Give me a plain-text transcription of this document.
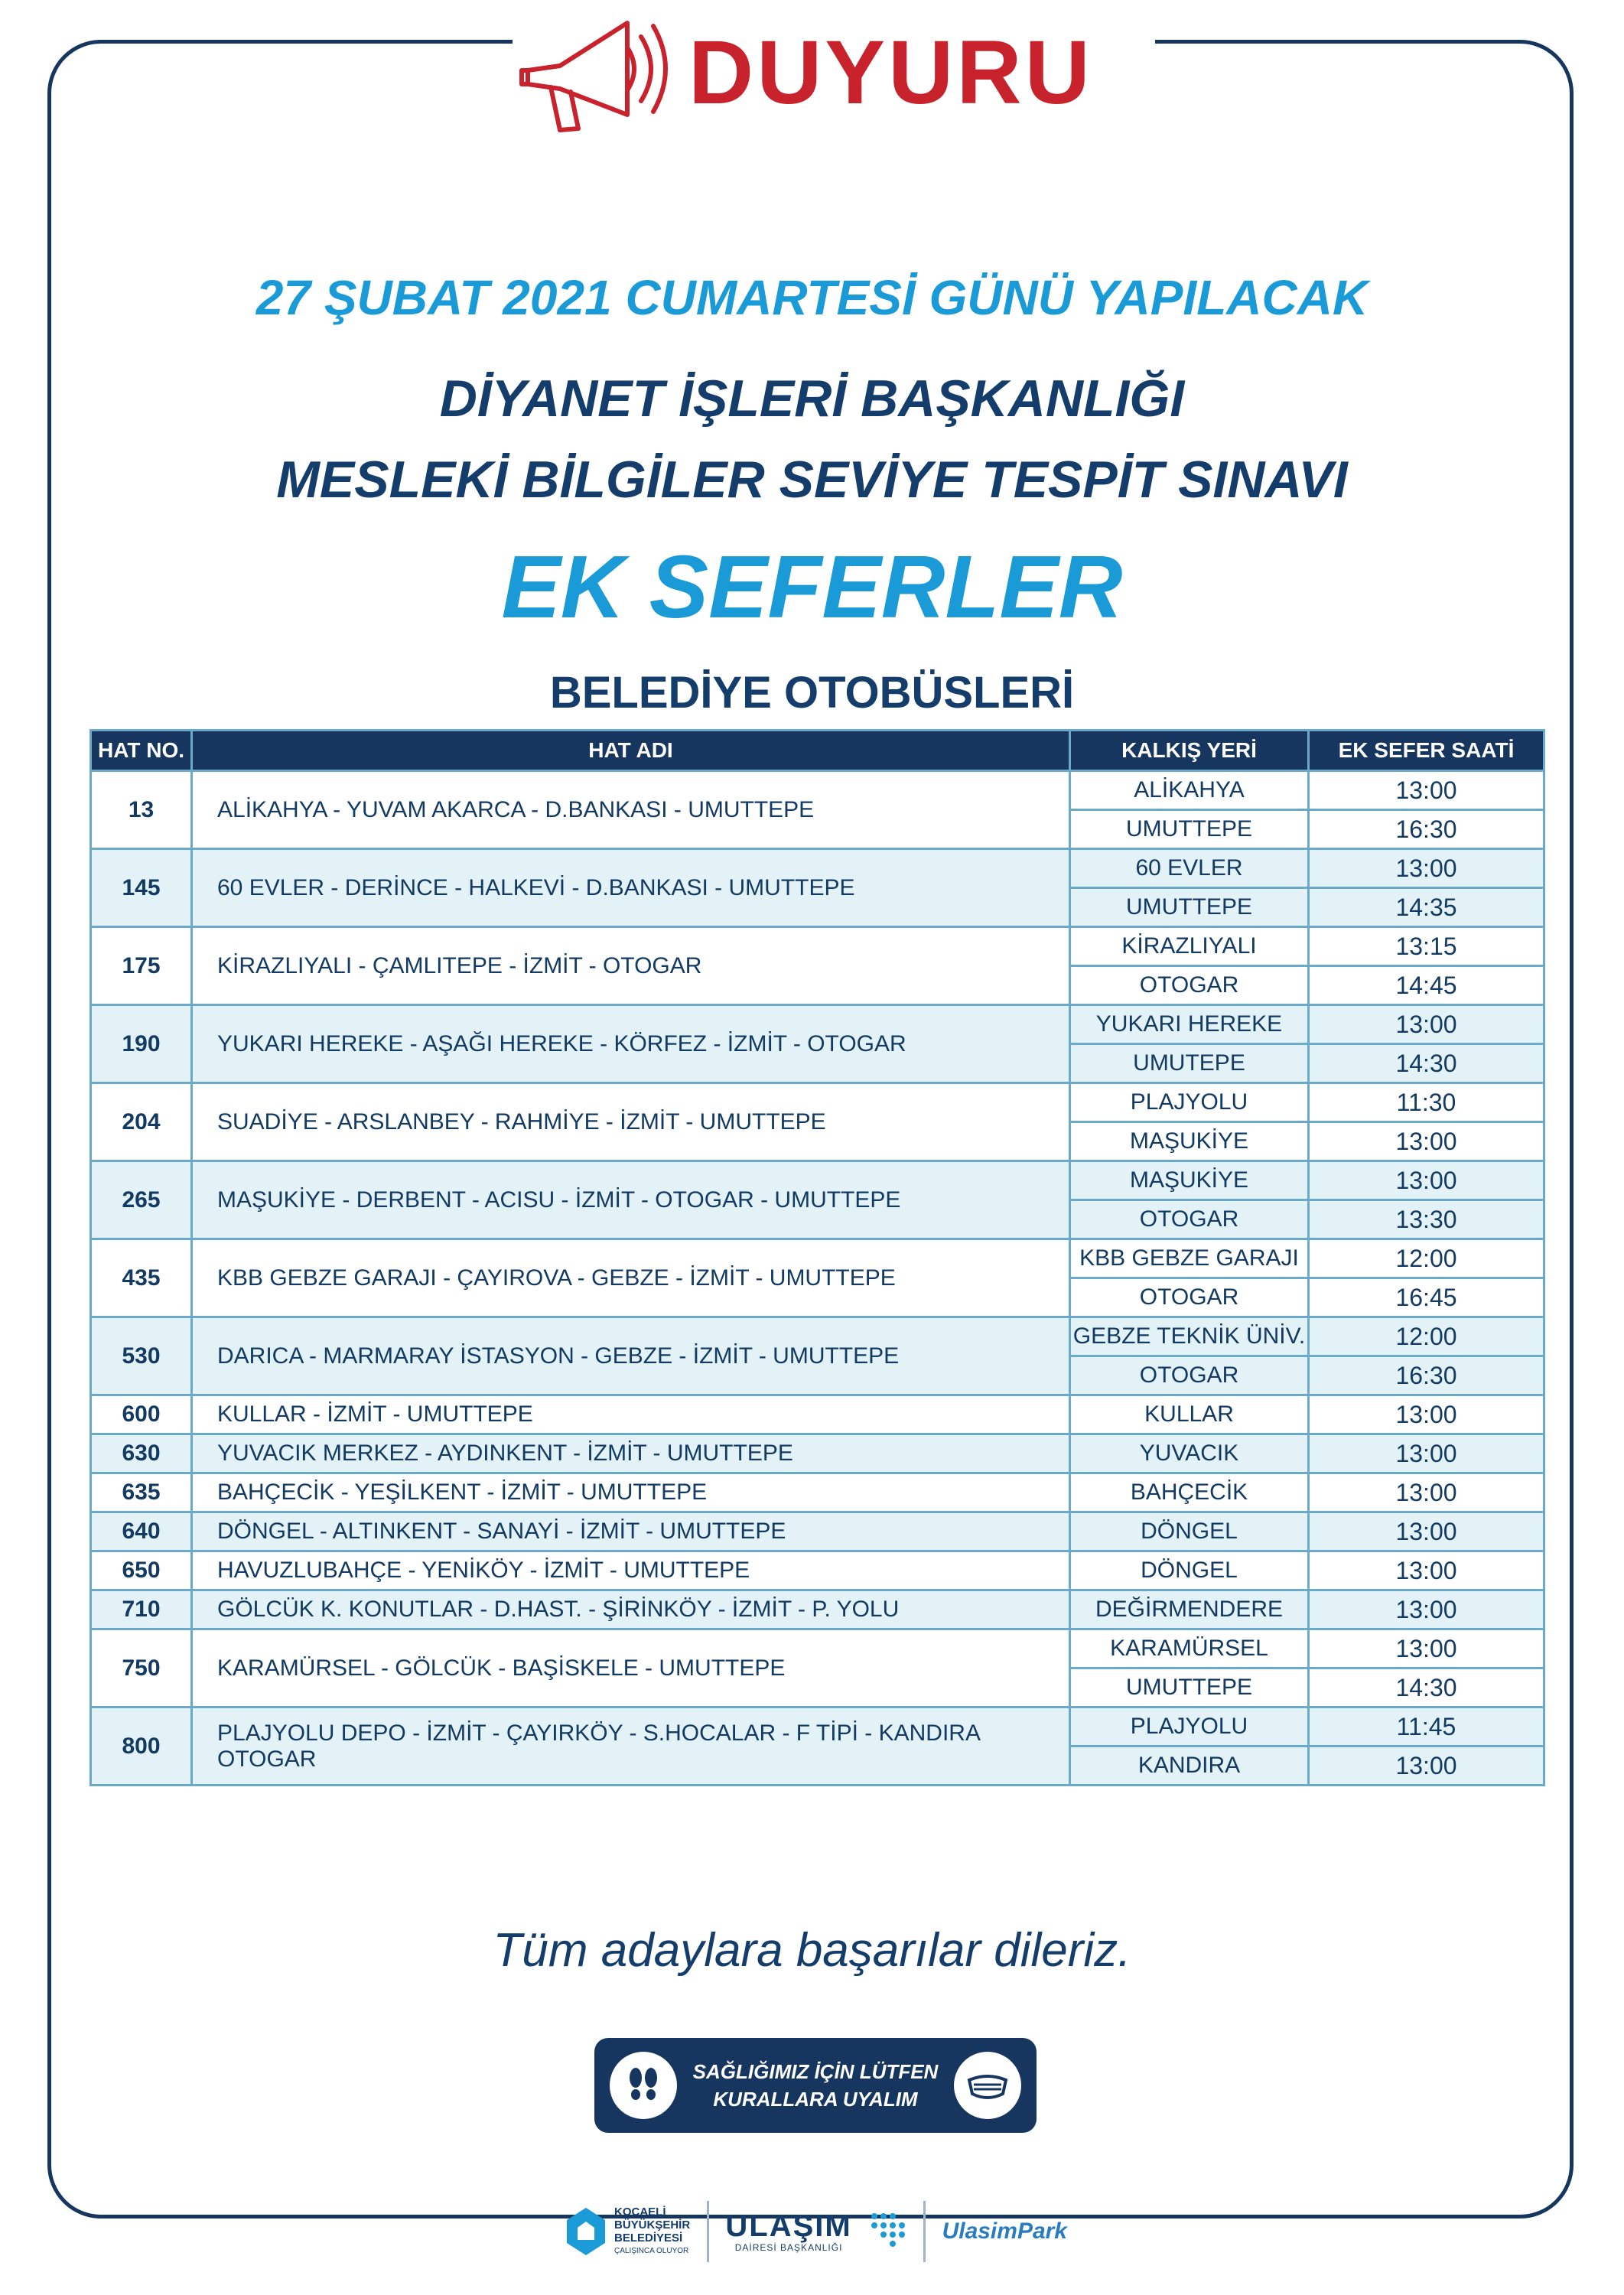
DUYURU
27 ŞUBAT 2021 CUMARTESİ GÜNÜ YAPILACAK
DİYANET İŞLERİ BAŞKANLIĞI
MESLEKİ BİLGİLER SEVİYE TESPİT SINAVI
EK SEFERLER
BELEDİYE OTOBÜSLERİ
HAT NO.	HAT ADI	KALKIŞ YERİ	EK SEFER SAATİ
13	ALİKAHYA - YUVAM AKARCA - D.BANKASI - UMUTTEPE	ALİKAHYA	13:00
		UMUTTEPE	16:30
145	60 EVLER - DERİNCE - HALKEVİ - D.BANKASI - UMUTTEPE	60 EVLER	13:00
		UMUTTEPE	14:35
175	KİRAZLIYALI - ÇAMLITEPE - İZMİT - OTOGAR	KİRAZLIYALI	13:15
		OTOGAR	14:45
190	YUKARI HEREKE - AŞAĞI HEREKE - KÖRFEZ - İZMİT - OTOGAR	YUKARI HEREKE	13:00
		UMUTEPE	14:30
204	SUADİYE - ARSLANBEY - RAHMİYE - İZMİT - UMUTTEPE	PLAJYOLU	11:30
		MAŞUKİYE	13:00
265	MAŞUKİYE - DERBENT - ACISU - İZMİT - OTOGAR - UMUTTEPE	MAŞUKİYE	13:00
		OTOGAR	13:30
435	KBB GEBZE GARAJI - ÇAYIROVA - GEBZE - İZMİT - UMUTTEPE	KBB GEBZE GARAJI	12:00
		OTOGAR	16:45
530	DARICA - MARMARAY İSTASYON - GEBZE - İZMİT - UMUTTEPE	GEBZE TEKNİK ÜNİV.	12:00
		OTOGAR	16:30
600	KULLAR - İZMİT - UMUTTEPE	KULLAR	13:00
630	YUVACIK MERKEZ - AYDINKENT - İZMİT - UMUTTEPE	YUVACIK	13:00
635	BAHÇECİK - YEŞİLKENT - İZMİT - UMUTTEPE	BAHÇECİK	13:00
640	DÖNGEL - ALTINKENT - SANAYİ - İZMİT - UMUTTEPE	DÖNGEL	13:00
650	HAVUZLUBAHÇE - YENİKÖY - İZMİT - UMUTTEPE	DÖNGEL	13:00
710	GÖLCÜK K. KONUTLAR - D.HAST. - ŞİRİNKÖY - İZMİT - P. YOLU	DEĞİRMENDERE	13:00
750	KARAMÜRSEL - GÖLCÜK - BAŞİSKELE - UMUTTEPE	KARAMÜRSEL	13:00
		UMUTTEPE	14:30
800	PLAJYOLU DEPO - İZMİT - ÇAYIRKÖY - S.HOCALAR - F TİPİ - KANDIRA OTOGAR	PLAJYOLU	11:45
		KANDIRA	13:00
Tüm adaylara başarılar dileriz.
SAĞLIĞIMIZ İÇİN LÜTFEN
KURALLARA UYALIM
KOCAELİ
BÜYÜKŞEHİR
BELEDİYESİ
ÇALIŞINCA OLUYOR
ULAŞIM
DAİRESİ BAŞKANLIĞI
UlasimPark
